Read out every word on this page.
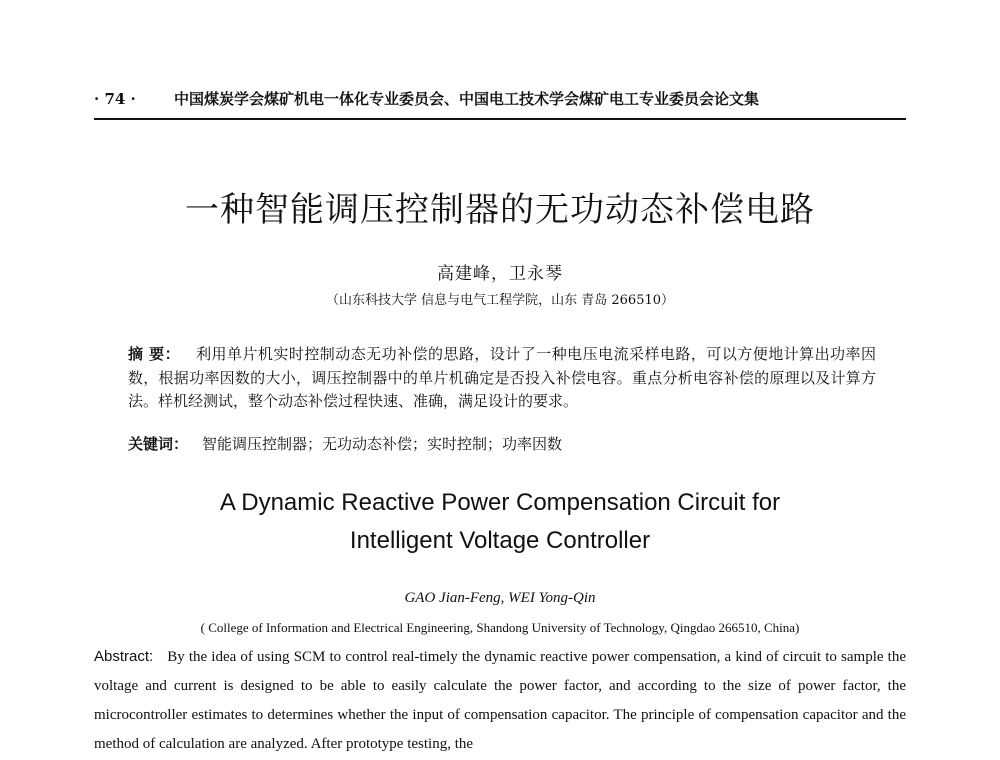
· 74 ·	中国煤炭学会煤矿机电一体化专业委员会、中国电工技术学会煤矿电工专业委员会论文集
一种智能调压控制器的无功动态补偿电路
高建峰，卫永琴
（山东科技大学 信息与电气工程学院，山东 青岛 266510）
摘 要： 利用单片机实时控制动态无功补偿的思路，设计了一种电压电流采样电路，可以方便地计算出功率因数，根据功率因数的大小，调压控制器中的单片机确定是否投入补偿电容。重点分析电容补偿的原理以及计算方法。样机经测试，整个动态补偿过程快速、准确，满足设计的要求。
关键词： 智能调压控制器；无功动态补偿；实时控制；功率因数
A Dynamic Reactive Power Compensation Circuit for
Intelligent Voltage Controller
GAO Jian-Feng, WEI Yong-Qin
( College of Information and Electrical Engineering, Shandong University of Technology, Qingdao 266510, China)
Abstract: By the idea of using SCM to control real-timely the dynamic reactive power compensation, a kind of circuit to sample the voltage and current is designed to be able to easily calculate the power factor, and according to the size of power factor, the microcontroller estimates to determines whether the input of compensation capacitor. The principle of compensation capacitor and the method of calculation are analyzed. After prototype testing, the
